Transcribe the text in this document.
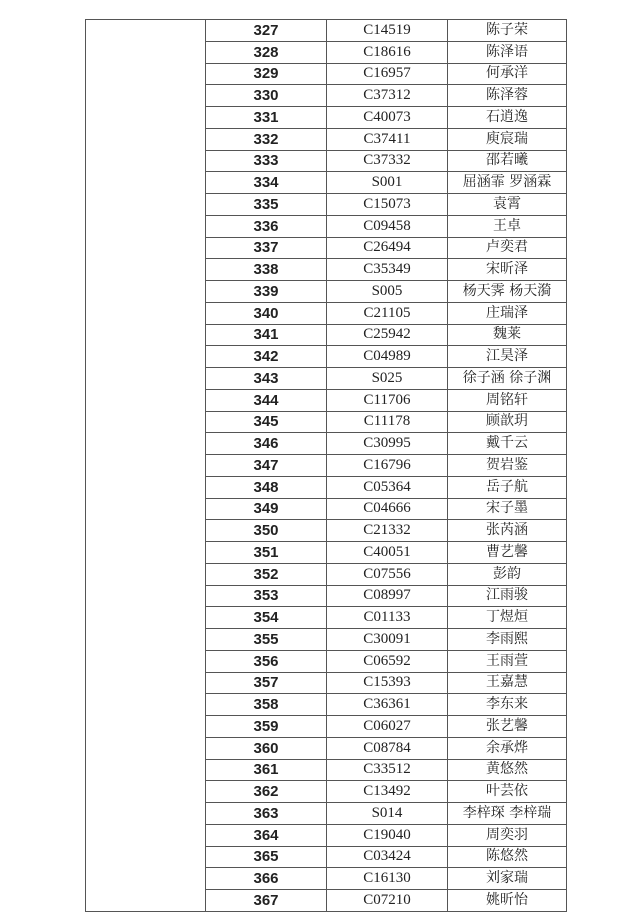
	327	C14519	陈子荣
	328	C18616	陈泽语
	329	C16957	何承洋
	330	C37312	陈泽蓉
	331	C40073	石逍逸
	332	C37411	庾宸瑞
	333	C37332	邵若曦
	334	S001	屈涵霏 罗涵霖
	335	C15073	袁霄
	336	C09458	王卓
	337	C26494	卢奕君
	338	C35349	宋昕泽
	339	S005	杨天霁 杨天漪
	340	C21105	庄瑞泽
	341	C25942	魏莱
	342	C04989	江昊泽
	343	S025	徐子涵 徐子渊
	344	C11706	周铭轩
	345	C11178	顾歆玥
	346	C30995	戴千云
	347	C16796	贺岩鉴
	348	C05364	岳子航
	349	C04666	宋子墨
	350	C21332	张芮涵
	351	C40051	曹艺馨
	352	C07556	彭韵
	353	C08997	江雨骏
	354	C01133	丁煜烜
	355	C30091	李雨熙
	356	C06592	王雨萱
	357	C15393	王嘉慧
	358	C36361	李东来
	359	C06027	张艺馨
	360	C08784	余承烨
	361	C33512	黄悠然
	362	C13492	叶芸依
	363	S014	李梓琛 李梓瑞
	364	C19040	周奕羽
	365	C03424	陈悠然
	366	C16130	刘家瑞
	367	C07210	姚昕怡
